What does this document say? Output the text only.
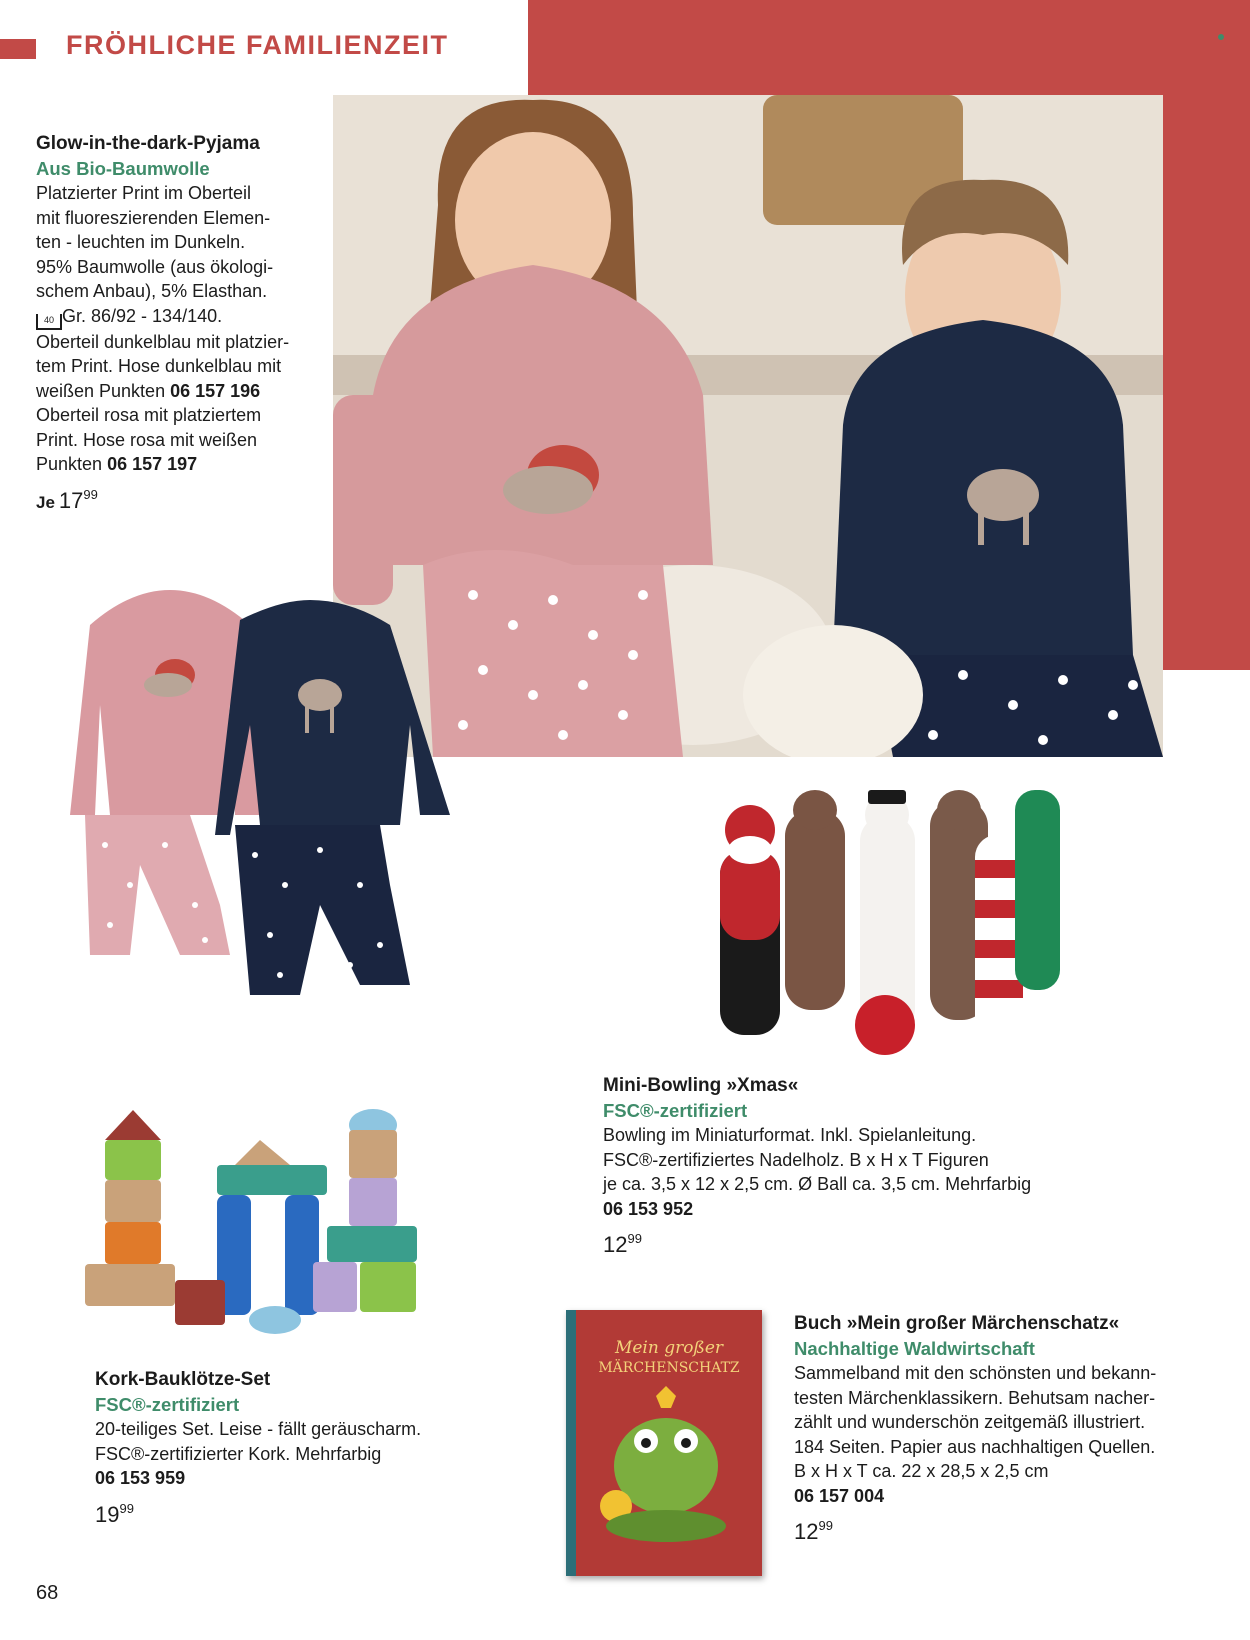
FRÖHLICHE FAMILIENZEIT
Glow-in-the-dark-Pyjama
Aus Bio-Baumwolle
Platzierter Print im Oberteil
mit fluoreszierenden Elemen-
ten - leuchten im Dunkeln.
95% Baumwolle (aus ökologi-
schem Anbau), 5% Elasthan.
40 Gr. 86/92 - 134/140.
Oberteil dunkelblau mit platzier-
tem Print. Hose dunkelblau mit
weißen Punkten 06 157 196
Oberteil rosa mit platziertem
Print. Hose rosa mit weißen
Punkten 06 157 197
Je $17^{99}$
Mini-Bowling »Xmas«
FSC®-zertifiziert
Bowling im Miniaturformat. Inkl. Spielanleitung.
FSC®-zertifiziertes Nadelholz. B x H x T Figuren
je ca. 3,5 x 12 x 2,5 cm. Ø Ball ca. 3,5 cm. Mehrfarbig
06 153 952
$12^{99}$
Kork-Bauklötze-Set
FSC®-zertifiziert
20-teiliges Set. Leise - fällt geräuscharm.
FSC®-zertifizierter Kork. Mehrfarbig
06 153 959
$19^{99}$
Mein großer
MÄRCHENSCHATZ
Buch »Mein großer Märchenschatz«
Nachhaltige Waldwirtschaft
Sammelband mit den schönsten und bekann-
testen Märchenklassikern. Behutsam nacher-
zählt und wunderschön zeitgemäß illustriert.
184 Seiten. Papier aus nachhaltigen Quellen.
B x H x T ca. 22 x 28,5 x 2,5 cm
06 157 004
$12^{99}$
68
